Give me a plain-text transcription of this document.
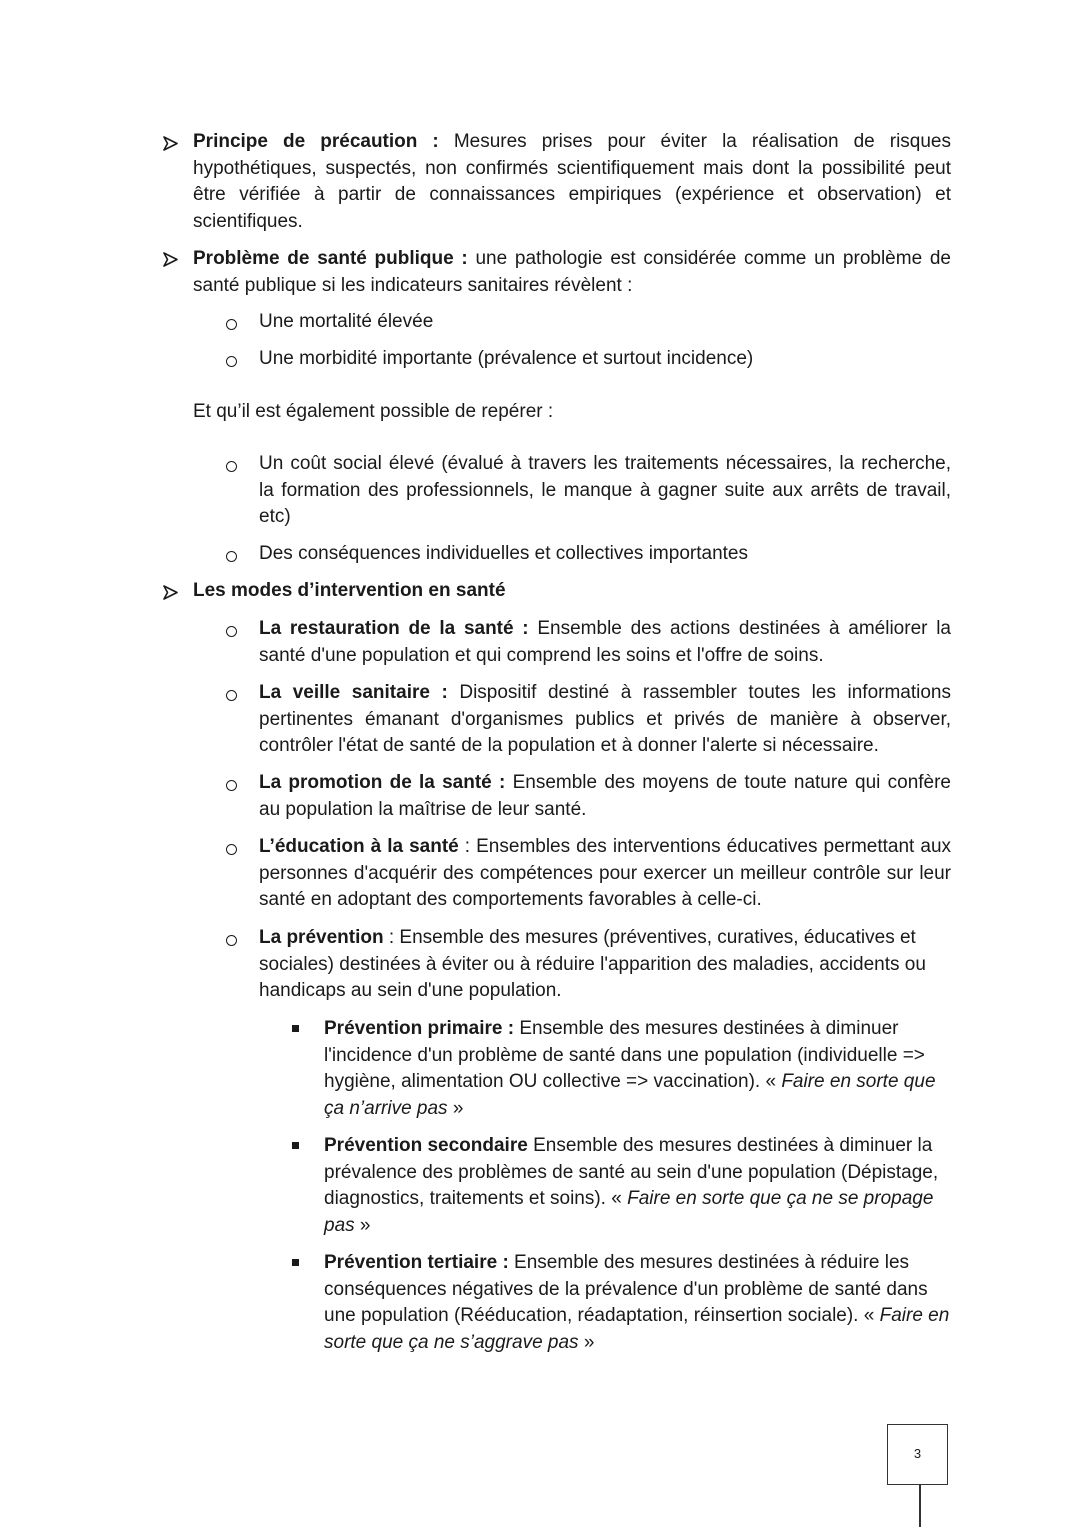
Principe de précaution : Mesures prises pour éviter la réalisation de risques hypothétiques, suspectés, non confirmés scientifiquement mais dont la possibilité peut être vérifiée à partir de connaissances empiriques (expérience et observation) et scientifiques.
Problème de santé publique : une pathologie est considérée comme un problème de santé publique si les indicateurs sanitaires révèlent :
Une mortalité élevée
Une morbidité importante (prévalence et surtout incidence)
Et qu’il est également possible de repérer :
Un coût social élevé (évalué à travers les traitements nécessaires, la recherche, la formation des professionnels, le manque à gagner suite aux arrêts de travail, etc)
Des conséquences individuelles et collectives importantes
Les modes d’intervention en santé
La restauration de la santé : Ensemble des actions destinées à améliorer la santé d'une population et qui comprend les soins et l'offre de soins.
La veille sanitaire : Dispositif destiné à rassembler toutes les informations pertinentes émanant d'organismes publics et privés de manière à observer, contrôler l'état de santé de la population et à donner l'alerte si nécessaire.
La promotion de la santé : Ensemble des moyens de toute nature qui confère au population la maîtrise de leur santé.
L’éducation à la santé : Ensembles des interventions éducatives permettant aux personnes d'acquérir des compétences pour exercer un meilleur contrôle sur leur santé en adoptant des comportements favorables à celle-ci.
La prévention : Ensemble des mesures (préventives, curatives, éducatives et sociales) destinées à éviter ou à réduire l'apparition des maladies, accidents ou handicaps au sein d'une population.
Prévention primaire : Ensemble des mesures destinées à diminuer l'incidence d'un problème de santé dans une population (individuelle => hygiène, alimentation OU collective => vaccination). « Faire en sorte que ça n’arrive pas »
Prévention secondaire Ensemble des mesures destinées à diminuer la prévalence des problèmes de santé au sein d'une population (Dépistage, diagnostics, traitements et soins). « Faire en sorte que ça ne se propage pas »
Prévention tertiaire : Ensemble des mesures destinées à réduire les conséquences négatives de la prévalence d'un problème de santé dans une population (Rééducation, réadaptation, réinsertion sociale). « Faire en sorte que ça ne s’aggrave pas »
3
